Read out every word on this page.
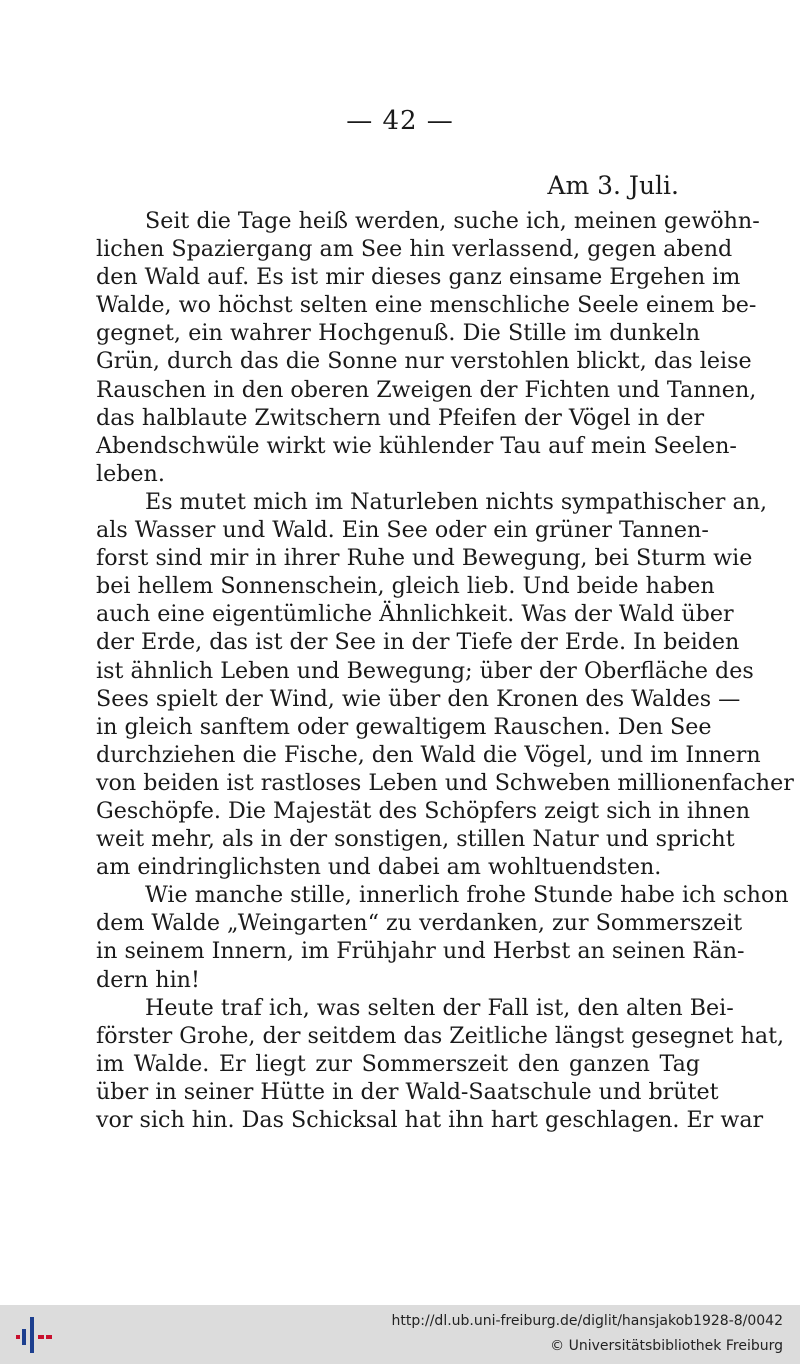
— 42 —
Am 3. Juli.
Seit die Tage heiß werden, suche ich, meinen gewöhn-
lichen Spaziergang am See hin verlassend, gegen abend
den Wald auf. Es ist mir dieses ganz einsame Ergehen im
Walde, wo höchst selten eine menschliche Seele einem be-
gegnet, ein wahrer Hochgenuß. Die Stille im dunkeln
Grün, durch das die Sonne nur verstohlen blickt, das leise
Rauschen in den oberen Zweigen der Fichten und Tannen,
das halblaute Zwitschern und Pfeifen der Vögel in der
Abendschwüle wirkt wie kühlender Tau auf mein Seelen-
leben.
Es mutet mich im Naturleben nichts sympathischer an,
als Wasser und Wald. Ein See oder ein grüner Tannen-
forst sind mir in ihrer Ruhe und Bewegung, bei Sturm wie
bei hellem Sonnenschein, gleich lieb. Und beide haben
auch eine eigentümliche Ähnlichkeit. Was der Wald über
der Erde, das ist der See in der Tiefe der Erde. In beiden
ist ähnlich Leben und Bewegung; über der Oberfläche des
Sees spielt der Wind, wie über den Kronen des Waldes —
in gleich sanftem oder gewaltigem Rauschen. Den See
durchziehen die Fische, den Wald die Vögel, und im Innern
von beiden ist rastloses Leben und Schweben millionenfacher
Geschöpfe. Die Majestät des Schöpfers zeigt sich in ihnen
weit mehr, als in der sonstigen, stillen Natur und spricht
am eindringlichsten und dabei am wohltuendsten.
Wie manche stille, innerlich frohe Stunde habe ich schon
dem Walde „Weingarten“ zu verdanken, zur Sommerszeit
in seinem Innern, im Frühjahr und Herbst an seinen Rän-
dern hin!
Heute traf ich, was selten der Fall ist, den alten Bei-
förster Grohe, der seitdem das Zeitliche längst gesegnet hat,
im Walde. Er liegt zur Sommerszeit den ganzen Tag
über in seiner Hütte in der Wald-Saatschule und brütet
vor sich hin. Das Schicksal hat ihn hart geschlagen. Er war
http://dl.ub.uni-freiburg.de/diglit/hansjakob1928-8/0042
© Universitätsbibliothek Freiburg
